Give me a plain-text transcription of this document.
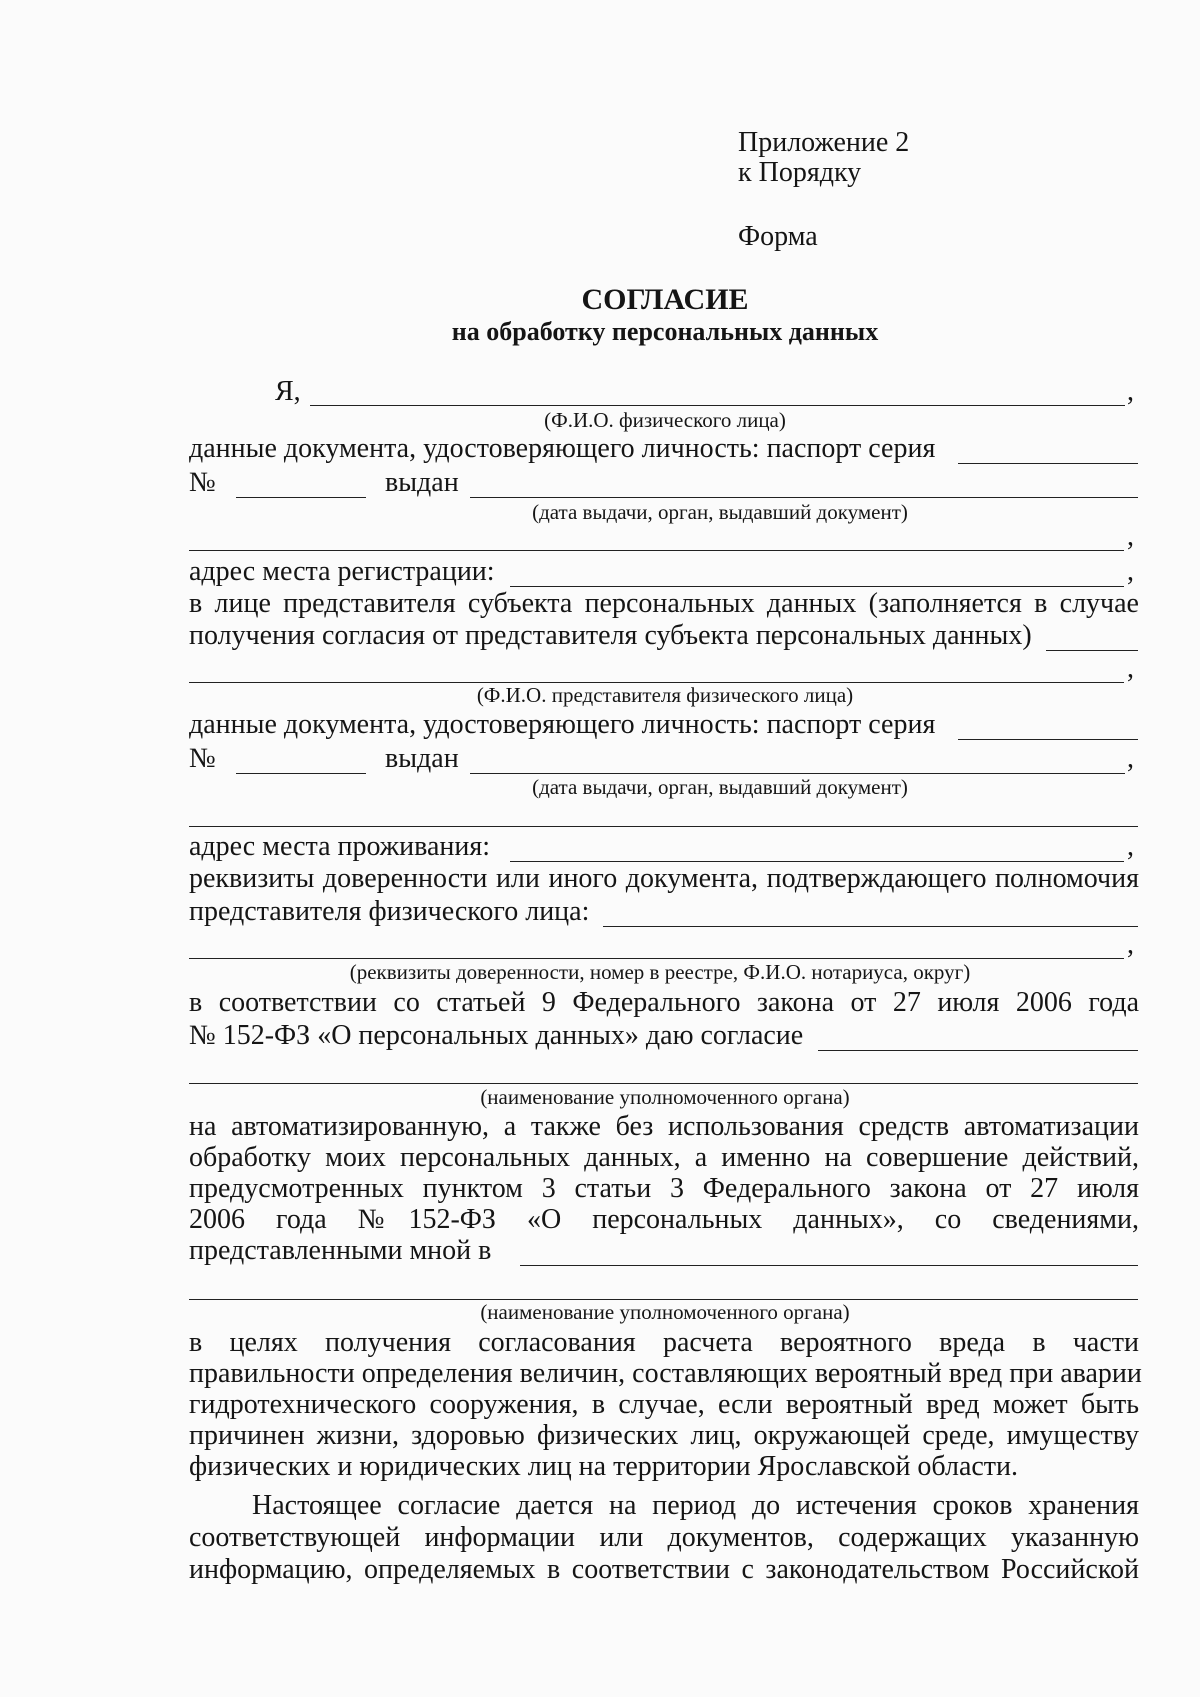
Приложение 2
к Порядку
Форма
СОГЛАСИЕ
на обработку персональных данных
Я,	,
(Ф.И.О. физического лица)
данные документа, удостоверяющего личность: паспорт серия
№	выдан
(дата выдачи, орган, выдавший документ)
,
адрес места регистрации:	,
в лице представителя субъекта персональных данных (заполняется в случае
получения согласия от представителя субъекта персональных данных)
,
(Ф.И.О. представителя физического лица)
данные документа, удостоверяющего личность: паспорт серия
№	выдан	,
(дата выдачи, орган, выдавший документ)
адрес места проживания:	,
реквизиты доверенности или иного документа, подтверждающего полномочия
представителя физического лица:
,
(реквизиты доверенности, номер в реестре, Ф.И.О. нотариуса, округ)
в соответствии со статьей 9 Федерального закона от 27 июля 2006 года
№ 152-ФЗ «О персональных данных» даю согласие
(наименование уполномоченного органа)
на автоматизированную, а также без использования средств автоматизации
обработку моих персональных данных, а именно на совершение действий,
предусмотренных пунктом 3 статьи 3 Федерального закона от 27 июля
2006 года №152-ФЗ «О персональных данных», со сведениями,
представленными мной в
(наименование уполномоченного органа)
в целях получения согласования расчета вероятного вреда в части
правильности определения величин, составляющих вероятный вред при аварии
гидротехнического сооружения, в случае, если вероятный вред может быть
причинен жизни, здоровью физических лиц, окружающей среде, имуществу
физических и юридических лиц на территории Ярославской области.
Настоящее согласие дается на период до истечения сроков хранения
соответствующей информации или документов, содержащих указанную
информацию, определяемых в соответствии с законодательством Российской
